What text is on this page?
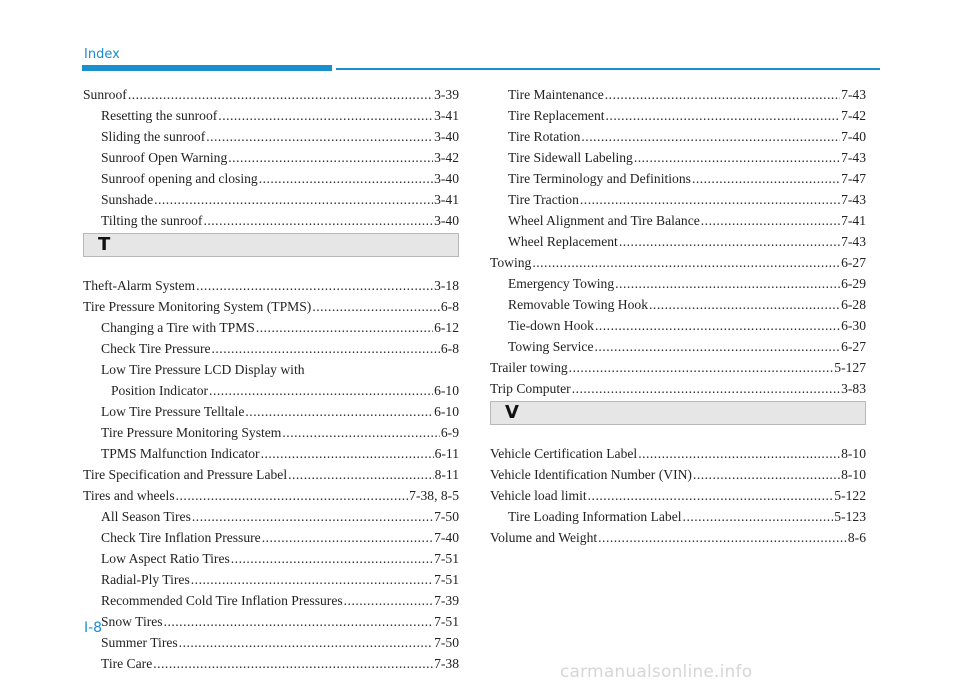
Index
Sunroof .....	3-39
Resetting the sunroof .....	3-41
Sliding the sunroof .....	3-40
Sunroof Open Warning .....	3-42
Sunroof opening and closing .....	3-40
Sunshade .....	3-41
Tilting the sunroof .....	3-40
T
Theft-Alarm System .....	3-18
Tire Pressure Monitoring System (TPMS) .....	6-8
Changing a Tire with TPMS .....	6-12
Check Tire Pressure .....	6-8
Low Tire Pressure LCD Display with
Position Indicator .....	6-10
Low Tire Pressure Telltale .....	6-10
Tire Pressure Monitoring System .....	6-9
TPMS Malfunction Indicator .....	6-11
Tire Specification and Pressure Label .....	8-11
Tires and wheels .....	7-38, 8-5
All Season Tires .....	7-50
Check Tire Inflation Pressure .....	7-40
Low Aspect Ratio Tires .....	7-51
Radial-Ply Tires .....	7-51
Recommended Cold Tire Inflation Pressures .....	7-39
Snow Tires .....	7-51
Summer Tires .....	7-50
Tire Care .....	7-38
Tire Maintenance .....	7-43
Tire Replacement .....	7-42
Tire Rotation .....	7-40
Tire Sidewall Labeling .....	7-43
Tire Terminology and Definitions .....	7-47
Tire Traction .....	7-43
Wheel Alignment and Tire Balance .....	7-41
Wheel Replacement .....	7-43
Towing .....	6-27
Emergency Towing .....	6-29
Removable Towing Hook .....	6-28
Tie-down Hook .....	6-30
Towing Service .....	6-27
Trailer towing .....	5-127
Trip Computer .....	3-83
V
Vehicle Certification Label .....	8-10
Vehicle Identification Number (VIN) .....	8-10
Vehicle load limit .....	5-122
Tire Loading Information Label .....	5-123
Volume and Weight .....	8-6
I-8
carmanualsonline.info
